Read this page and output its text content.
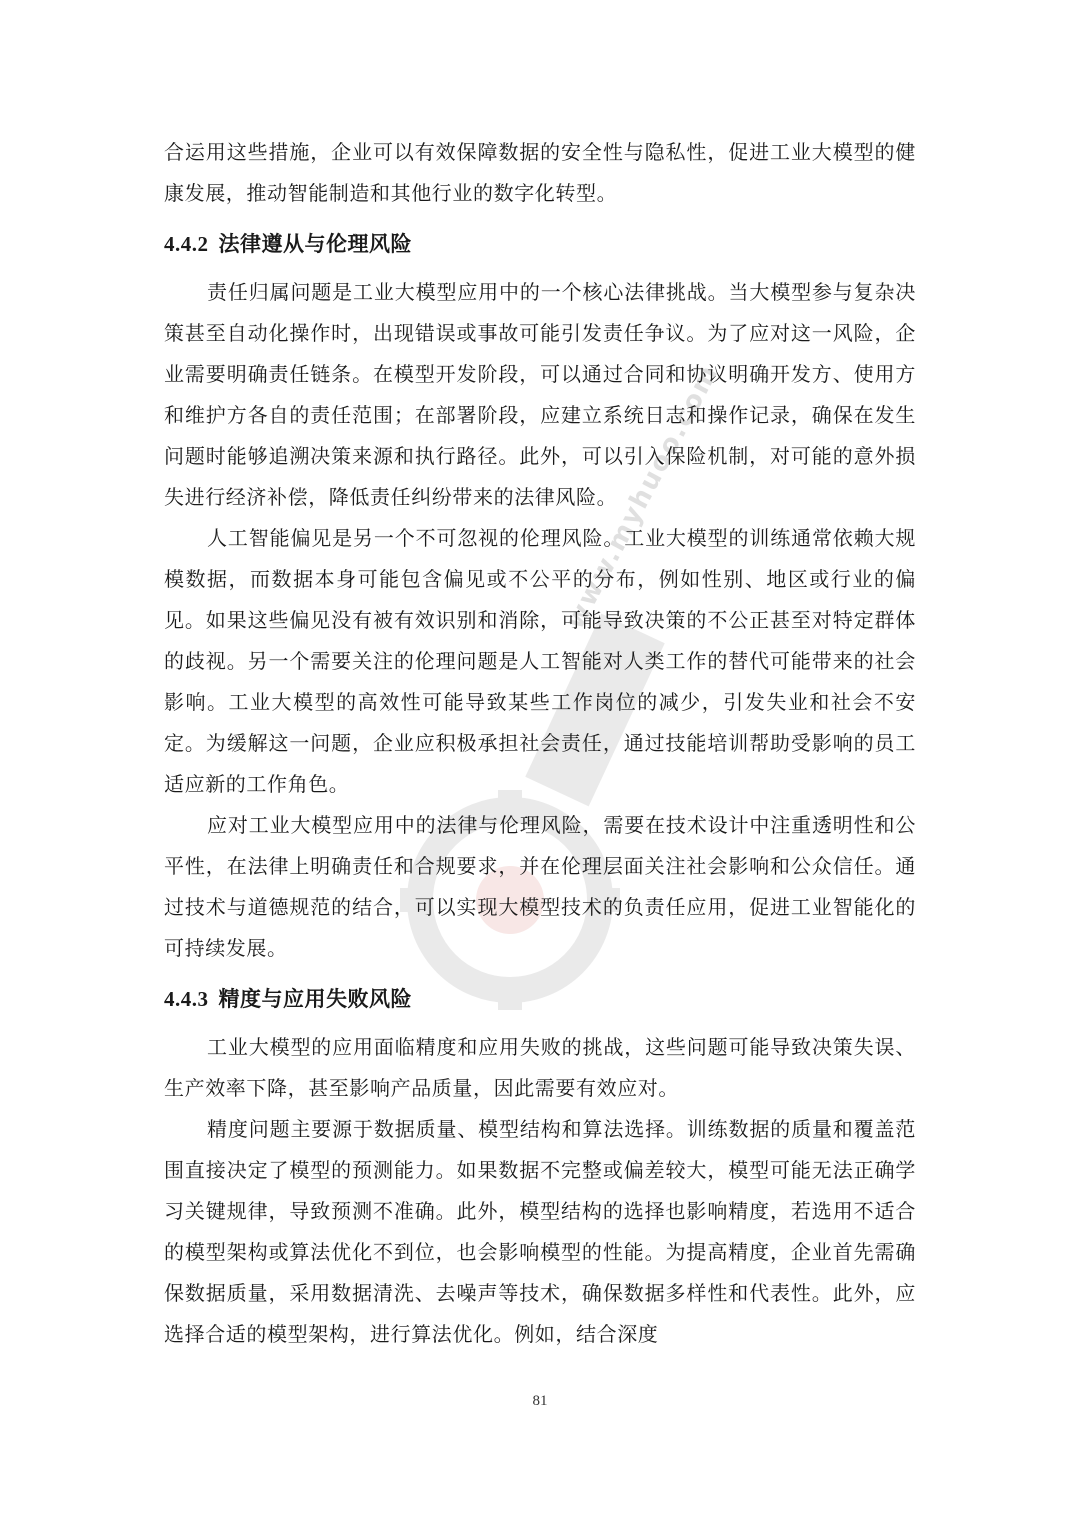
www.myhuoo.com

合运用这些措施，企业可以有效保障数据的安全性与隐私性，促进工业大模型的健康发展，推动智能制造和其他行业的数字化转型。

4.4.2 法律遵从与伦理风险

责任归属问题是工业大模型应用中的一个核心法律挑战。当大模型参与复杂决策甚至自动化操作时，出现错误或事故可能引发责任争议。为了应对这一风险，企业需要明确责任链条。在模型开发阶段，可以通过合同和协议明确开发方、使用方和维护方各自的责任范围；在部署阶段，应建立系统日志和操作记录，确保在发生问题时能够追溯决策来源和执行路径。此外，可以引入保险机制，对可能的意外损失进行经济补偿，降低责任纠纷带来的法律风险。

人工智能偏见是另一个不可忽视的伦理风险。工业大模型的训练通常依赖大规模数据，而数据本身可能包含偏见或不公平的分布，例如性别、地区或行业的偏见。如果这些偏见没有被有效识别和消除，可能导致决策的不公正甚至对特定群体的歧视。另一个需要关注的伦理问题是人工智能对人类工作的替代可能带来的社会影响。工业大模型的高效性可能导致某些工作岗位的减少，引发失业和社会不安定。为缓解这一问题，企业应积极承担社会责任，通过技能培训帮助受影响的员工适应新的工作角色。

应对工业大模型应用中的法律与伦理风险，需要在技术设计中注重透明性和公平性，在法律上明确责任和合规要求，并在伦理层面关注社会影响和公众信任。通过技术与道德规范的结合，可以实现大模型技术的负责任应用，促进工业智能化的可持续发展。

4.4.3 精度与应用失败风险

工业大模型的应用面临精度和应用失败的挑战，这些问题可能导致决策失误、生产效率下降，甚至影响产品质量，因此需要有效应对。

精度问题主要源于数据质量、模型结构和算法选择。训练数据的质量和覆盖范围直接决定了模型的预测能力。如果数据不完整或偏差较大，模型可能无法正确学习关键规律，导致预测不准确。此外，模型结构的选择也影响精度，若选用不适合的模型架构或算法优化不到位，也会影响模型的性能。为提高精度，企业首先需确保数据质量，采用数据清洗、去噪声等技术，确保数据多样性和代表性。此外，应选择合适的模型架构，进行算法优化。例如，结合深度

81
